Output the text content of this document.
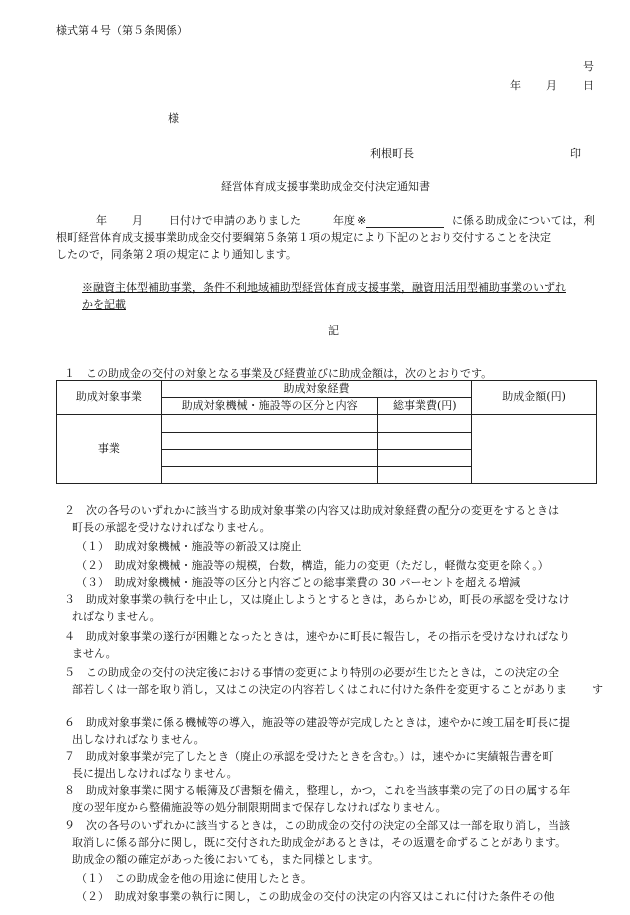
様式第４号（第５条関係）
号
年 月 日
様
利根町長	印
経営体育成支援事業助成金交付決定通知書
年 月 日付けで申請のありました	年度 ※	に係る助成金については，利
根町経営体育成支援事業助成金交付要綱第５条第１項の規定により下記のとおり交付することを決定
したので，同条第２項の規定により通知します。
※融資主体型補助事業，条件不利地域補助型経営体育成支援事業，融資用活用型補助事業のいずれ
かを記載
記
１　この助成金の交付の対象となる事業及び経費並びに助成金額は，次のとおりです。
助成対象事業	助成対象経費		助成金額(円)
	助成対象機械・施設等の区分と内容	総事業費(円)	
事業			

２　次の各号のいずれかに該当する助成対象事業の内容又は助成対象経費の配分の変更をするときは
町長の承認を受けなければなりません。
（１）　助成対象機械・施設等の新設又は廃止
（２）　助成対象機械・施設等の規模，台数，構造，能力の変更（ただし，軽微な変更を除く。）
（３）　助成対象機械・施設等の区分と内容ごとの総事業費の 30 パーセントを超える増減
３　助成対象事業の執行を中止し，又は廃止しようとするときは，あらかじめ，町長の承認を受けなけ
ればなりません。
４　助成対象事業の遂行が困難となったときは，速やかに町長に報告し，その指示を受けなければなり
ません。
５　この助成金の交付の決定後における事情の変更により特別の必要が生じたときは，この決定の全
部若しくは一部を取り消し，又はこの決定の内容若しくはこれに付けた条件を変更することがありま す
６　助成対象事業に係る機械等の導入，施設等の建設等が完成したときは，速やかに竣工届を町長に提
出しなければなりません。
７　助成対象事業が完了したとき（廃止の承認を受けたときを含む。）は，速やかに実績報告書を町
長に提出しなければなりません。
８　助成対象事業に関する帳簿及び書類を備え，整理し，かつ，これを当該事業の完了の日の属する年
度の翌年度から整備施設等の処分制限期間まで保存しなければなりません。
９　次の各号のいずれかに該当するときは，この助成金の交付の決定の全部又は一部を取り消し，当該
取消しに係る部分に関し，既に交付された助成金があるときは，その返還を命ずることがあります。
助成金の額の確定があった後においても，また同様とします。
（１）　この助成金を他の用途に使用したとき。
（２）　助成対象事業の執行に関し，この助成金の交付の決定の内容又はこれに付けた条件その他
